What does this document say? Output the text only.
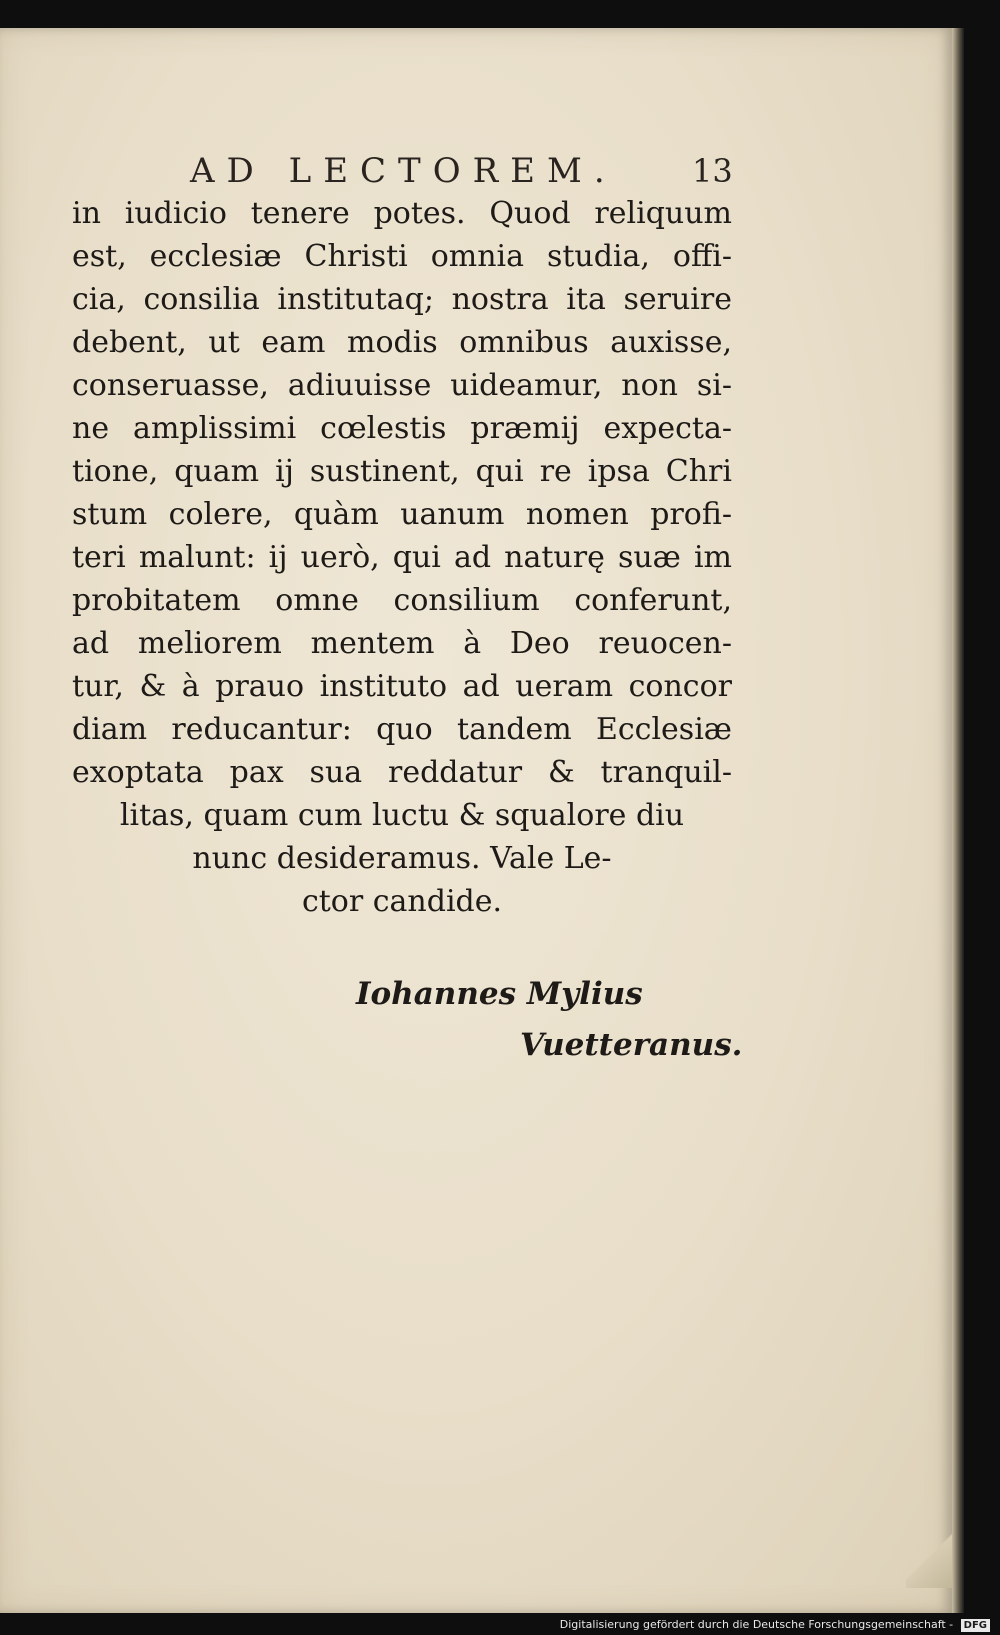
AD LECTOREM.	13
in iudicio tenere potes. Quod reliquum
est, ecclesiæ Christi omnia studia, offi-
cia, consilia institutaq; nostra ita seruire
debent, ut eam modis omnibus auxisse,
conseruasse, adiuuisse uideamur, non si-
ne amplissimi cœlestis præmij expecta-
tione, quam ij sustinent, qui re ipsa Chri
stum colere, quàm uanum nomen profi-
teri malunt: ij uerò, qui ad naturę suæ im
probitatem omne consilium conferunt,
ad meliorem mentem à Deo reuocen-
tur, & à prauo instituto ad ueram concor
diam reducantur: quo tandem Ecclesiæ
exoptata pax sua reddatur & tranquil-
litas, quam cum luctu & squalore diu
nunc desideramus. Vale Le-
ctor candide.
Iohannes Mylius
Vuetteranus.
Digitalisierung gefördert durch die Deutsche Forschungsgemeinschaft - DFG
